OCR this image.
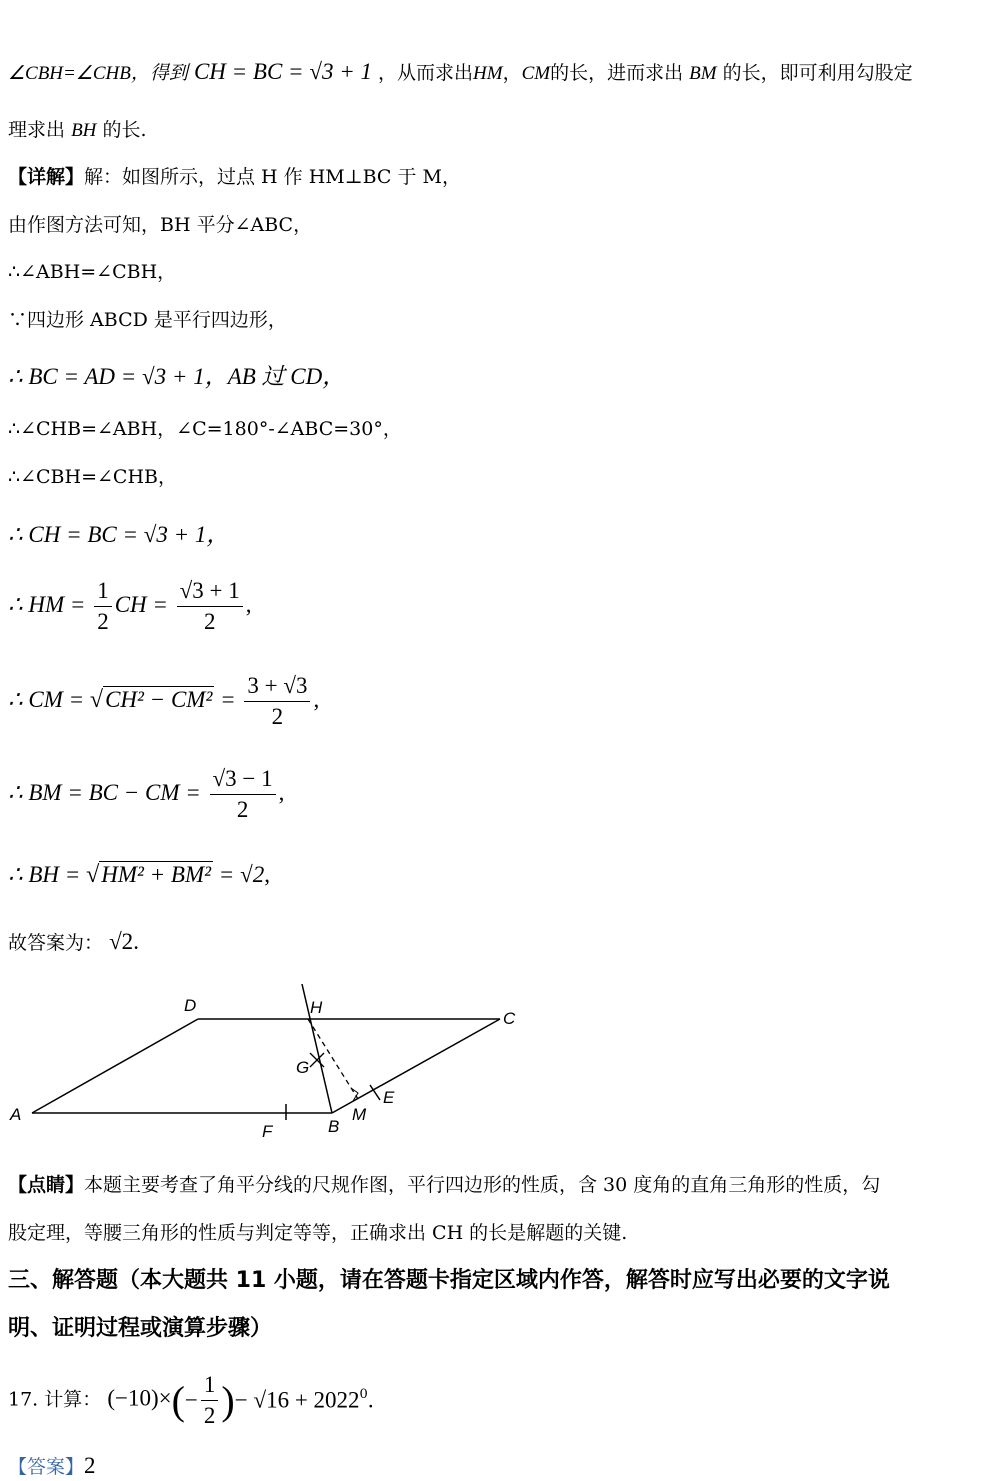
∠CBH=∠CHB，得到 CH = BC = √3 + 1 ，从而求出HM，CM的长，进而求出 BM 的长，即可利用勾股定
理求出 BH 的长.
【详解】解：如图所示，过点 H 作 HM⊥BC 于 M，
由作图方法可知，BH 平分∠ABC，
∴∠ABH=∠CBH，
∵四边形 ABCD 是平行四边形，
∴ BC = AD = √3 + 1，AB 过 CD，
∴∠CHB=∠ABH，∠C=180°-∠ABC=30°，
∴∠CBH=∠CHB，
∴ CH = BC = √3 + 1，
∴ HM = $\frac{1}{2}$ CH = $\frac{√3 + 1}{2}$ ,
∴ CM = $√CH^2 - CM^2 = \frac{3 + √3}{2}$ ,
∴ BM = BC − CM = $\frac{√3 - 1}{2}$ ,
∴ BH = √HM² + BM² = √2,
故答案为： √2.
A
D	H
C
G
E
M
F	B
【点睛】本题主要考查了角平分线的尺规作图，平行四边形的性质，含 30 度角的直角三角形的性质，勾
股定理，等腰三角形的性质与判定等等，正确求出 CH 的长是解题的关键.
三、解答题（本大题共 11 小题，请在答题卡指定区域内作答，解答时应写出必要的文字说
明、证明过程或演算步骤）
17. 计算： $(-10)\times(- \frac{1}{2}$ )− $√16 + 2022^0$.
【答案】2
